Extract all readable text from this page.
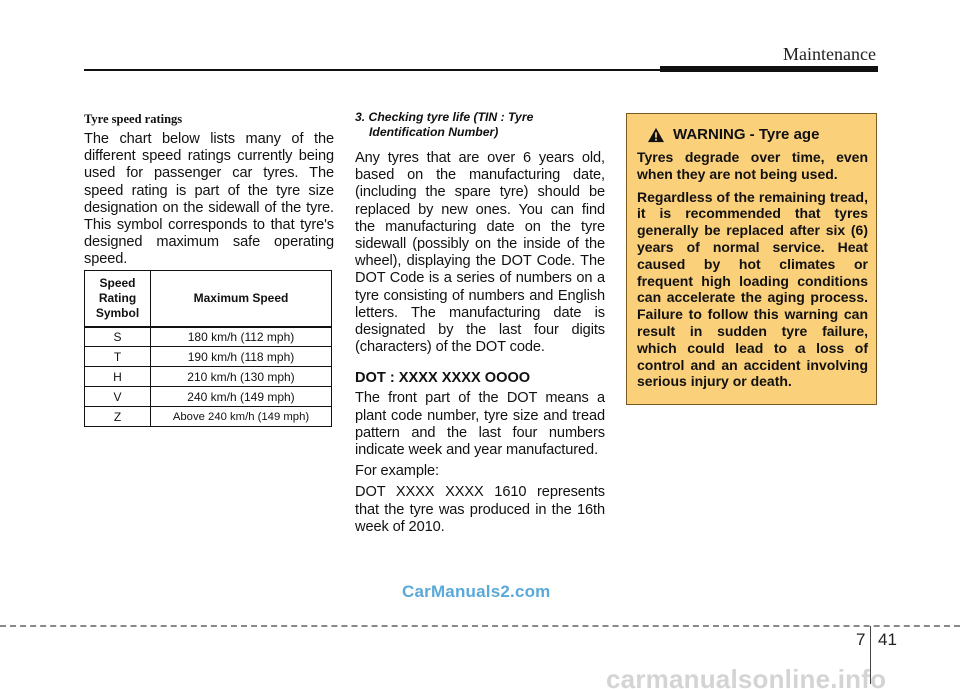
Maintenance
Tyre speed ratings

The chart below lists many of the different speed ratings currently being used for passenger car tyres. The speed rating is part of the tyre size designation on the sidewall of the tyre. This symbol corresponds to that tyre's designed maximum safe operating speed.

Speed
Rating
Symbol	Maximum Speed
S	180 km/h (112 mph)
T	190 km/h (118 mph)
H	210 km/h (130 mph)
V	240 km/h (149 mph)
Z	Above 240 km/h (149 mph)
3. Checking tyre life (TIN : Tyre
Identification Number)

Any tyres that are over 6 years old, based on the manufacturing date, (including the spare tyre) should be replaced by new ones. You can find the manufacturing date on the tyre sidewall (possibly on the inside of the wheel), displaying the DOT Code. The DOT Code is a series of numbers on a tyre consisting of numbers and English letters. The manufacturing date is designated by the last four digits (characters) of the DOT code.

DOT : XXXX XXXX OOOO

The front part of the DOT means a plant code number, tyre size and tread pattern and the last four numbers indicate week and year manufactured.

For example:

DOT XXXX XXXX 1610 represents that the tyre was produced in the 16th week of 2010.

WARNING - Tyre age

Tyres degrade over time, even when they are not being used.

Regardless of the remaining tread, it is recommended that tyres generally be replaced after six (6) years of normal service. Heat caused by hot climates or frequent high loading conditions can accelerate the aging process. Failure to follow this warning can result in sudden tyre failure, which could lead to a loss of control and an accident involving serious injury or death.

CarManuals2.com
7 41
carmanualsonline.info
